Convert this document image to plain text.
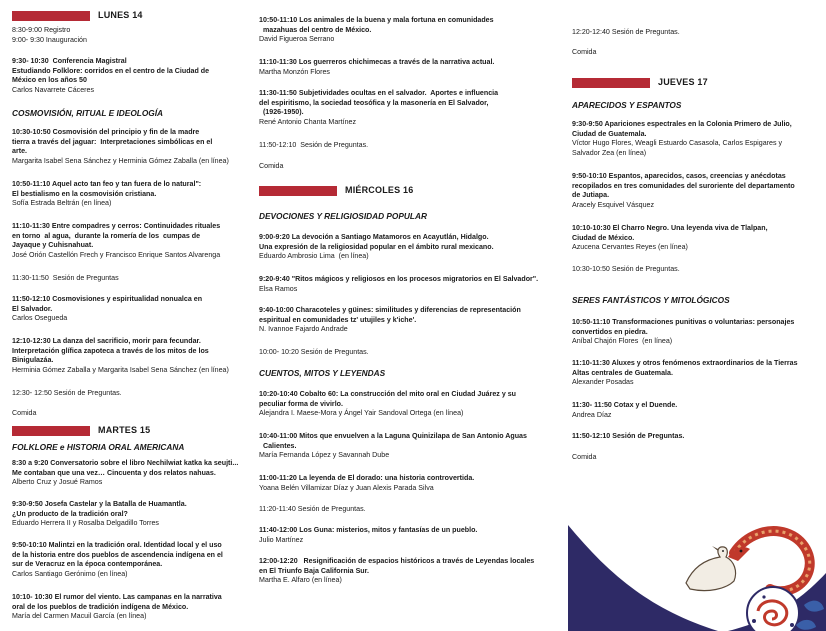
LUNES 14
8:30-9:00 Registro
9:00- 9:30 Inauguración
9:30- 10:30  Conferencia Magistral
Estudiando Folklore: corridos en el centro de la Ciudad de
México en los años 50
Carlos Navarrete Cáceres
COSMOVISIÓN, RITUAL E IDEOLOGÍA
10:30-10:50 Cosmovisión del principio y fin de la madre
tierra a través del jaguar:  Interpretaciones simbólicas en el
arte.
Margarita Isabel Sena Sánchez y Herminia Gómez Zaballa (en línea)
10:50-11:10 Aquel acto tan feo y tan fuera de lo natural":
El bestialismo en la cosmovisión cristiana.
Sofía Estrada Beltrán (en línea)
11:10-11:30 Entre compadres y cerros: Continuidades rituales
en torno  al agua,  durante la romería de los  cumpas de
Jayaque y Cuhisnahuat.
José Orión Castellón Frech y Francisco Enrique Santos Alvarenga
11:30-11:50  Sesión de Preguntas
11:50-12:10 Cosmovisiones y espiritualidad nonualca en
El Salvador.
Carlos Osegueda
12:10-12:30 La danza del sacrificio, morir para fecundar.
Interpretación glífica zapoteca a través de los mitos de los
Binigulazáa.
Herminia Gómez Zaballa y Margarita Isabel Sena Sánchez (en línea)
12:30- 12:50 Sesión de Preguntas.
Comida
MARTES 15
FOLKLORE e HISTORIA ORAL AMERICANA
8:30 a 9:20 Conversatorio sobre el libro Nechilwiat katka ka seujti...
Me contaban que una vez… Cincuenta y dos relatos nahuas.
Alberto Cruz y Josué Ramos
9:30-9:50 Josefa Castelar y la Batalla de Huamantla.
¿Un producto de la tradición oral?
Eduardo Herrera II y Rosalba Delgadillo Torres
9:50-10:10 Malintzi en la tradición oral. Identidad local y el uso
de la historia entre dos pueblos de ascendencia indígena en el
sur de Veracruz en la época contemporánea.
Carlos Santiago Gerónimo (en línea)
10:10- 10:30 El rumor del viento. Las campanas en la narrativa
oral de los pueblos de tradición indígena de México.
María del Carmen Macuil García (en línea)
10:50-11:10 Los animales de la buena y mala fortuna en comunidades
mazahuas del centro de México.
David Figueroa Serrano
11:10-11:30 Los guerreros chichimecas a través de la narrativa actual.
Martha Monzón Flores
11:30-11:50 Subjetividades ocultas en el salvador.  Aportes e influencia
del espiritismo, la sociedad teosófica y la masonería en El Salvador,
(1926-1950).
René Antonio Chanta Martínez
11:50-12:10  Sesión de Preguntas.
Comida
MIÉRCOLES 16
DEVOCIONES Y RELIGIOSIDAD POPULAR
9:00-9:20 La devoción a Santiago Matamoros en Acayutlán, Hidalgo.
Una expresión de la religiosidad popular en el ámbito rural mexicano.
Eduardo Ambrosio Lima  (en línea)
9:20-9:40 "Ritos mágicos y religiosos en los procesos migratorios en El Salvador".
Elsa Ramos
9:40-10:00 Characoteles y güines: similitudes y diferencias de representación
espiritual en comunidades tz' utujiles y k'iche'.
N. Ivannoe Fajardo Andrade
10:00- 10:20 Sesión de Preguntas.
CUENTOS, MITOS Y LEYENDAS
10:20-10:40 Cobalto 60: La construcción del mito oral en Ciudad Juárez y su
peculiar forma de vivirlo.
Alejandra I. Maese-Mora y Ángel Yair Sandoval Ortega (en línea)
10:40-11:00 Mitos que envuelven a la Laguna Quinizilapa de San Antonio Aguas
Calientes.
María Fernanda López y Savannah Dube
11:00-11:20 La leyenda de El dorado: una historia controvertida.
Yoana Belén Villamizar Díaz y Juan Alexis Parada Silva
11:20-11:40 Sesión de Preguntas.
11:40-12:00 Los Guna: misterios, mitos y fantasías de un pueblo.
Julio Martínez
12:00-12:20   Resignificación de espacios históricos a través de Leyendas locales
en El Triunfo Baja California Sur.
Martha E. Alfaro (en línea)
12:20-12:40 Sesión de Preguntas.
Comida
JUEVES 17
APARECIDOS Y ESPANTOS
9:30-9:50 Apariciones espectrales en la Colonia Primero de Julio,
Ciudad de Guatemala.
Víctor Hugo Flores, Weagli Estuardo Casasola, Carlos Espigares y
Salvador Zea (en línea)
9:50-10:10 Espantos, aparecidos, casos, creencias y anécdotas
recopilados en tres comunidades del suroriente del departamento
de Jutiapa.
Aracely Esquivel Vásquez
10:10-10:30 El Charro Negro. Una leyenda viva de Tlalpan,
Ciudad de México.
Azucena Cervantes Reyes (en línea)
10:30-10:50 Sesión de Preguntas.
SERES FANTÁSTICOS Y MITOLÓGICOS
10:50-11:10 Transformaciones punitivas o voluntarias: personajes
convertidos en piedra.
Aníbal Chajón Flores  (en línea)
11:10-11:30 Aluxes y otros fenómenos extraordinarios de la Tierras
Altas centrales de Guatemala.
Alexander Posadas
11:30- 11:50 Cotax y el Duende.
Andrea Díaz
11:50-12:10 Sesión de Preguntas.
Comida
